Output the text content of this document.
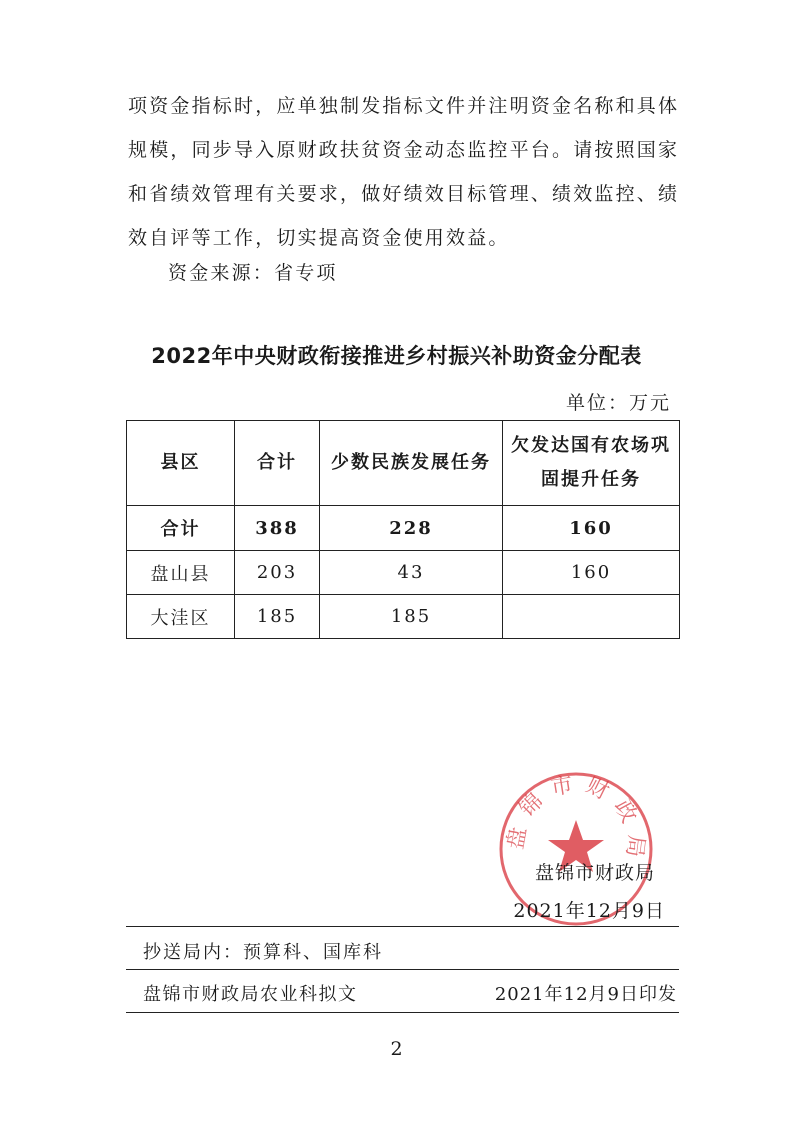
项资金指标时，应单独制发指标文件并注明资金名称和具体
规模，同步导入原财政扶贫资金动态监控平台。请按照国家
和省绩效管理有关要求，做好绩效目标管理、绩效监控、绩
效自评等工作，切实提高资金使用效益。
资金来源：省专项
2022年中央财政衔接推进乡村振兴补助资金分配表
单位：万元
县区	合计	少数民族发展任务	欠发达国有农场巩
固提升任务

合计	388	228	160
盘山县	203	43	160
大洼区	185	185	
盘锦市财政局
盘锦市财政局
2021年12月9日
抄送局内：预算科、国库科
盘锦市财政局农业科拟文	2021年12月9日印发
2
